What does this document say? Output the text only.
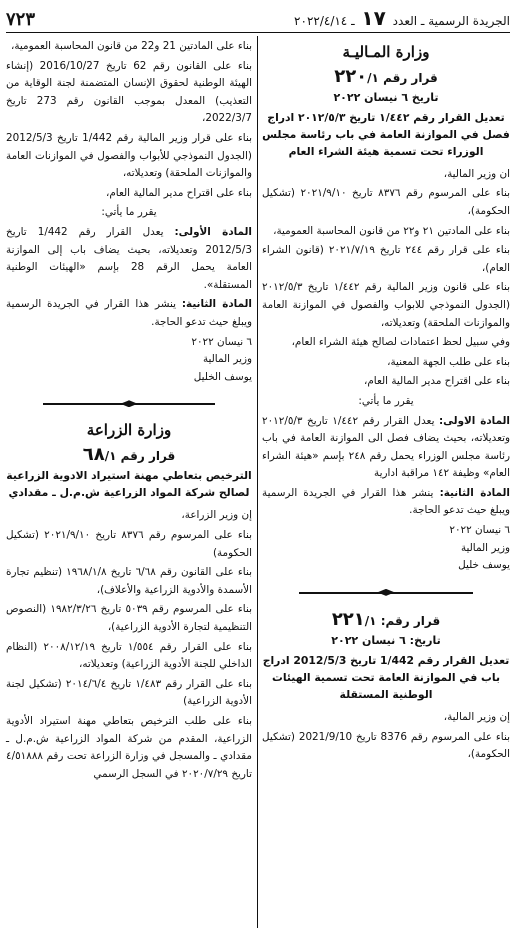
الجريدة الرسمية ـ العدد ١٧ ـ ٢٠٢٢/٤/١٤
٧٢٣
وزارة المـاليـة
قرار رقم ٢٢٠/١
تاريخ ٦ نيسان ٢٠٢٢
تعديل القرار رقم ١/٤٤٢ تاريخ ٢٠١٢/٥/٣ ادراج فصل في الموازنة العامة في باب رئاسة مجلس الوزراء تحت تسمية هيئة الشراء العام

ان وزير المالية،

بناء على المرسوم رقم ٨٣٧٦ تاريخ ٢٠٢١/٩/١٠ (تشكيل الحكومة)،

بناء على المادتين ٢١ و٢٢ من قانون المحاسبة العمومية،

بناء على قرار رقم ٢٤٤ تاريخ ٢٠٢١/٧/١٩ (قانون الشراء العام)،

بناء على قانون وزير المالية رقم ١/٤٤٢ تاريخ ٢٠١٢/٥/٣ (الجدول النموذجي للابواب والفصول في الموازنة العامة والموازنات الملحقة) وتعديلاته،

وفي سبيل لحظ اعتمادات لصالح هيئة الشراء العام،

بناء على طلب الجهة المعنية،

بناء على اقتراح مدير المالية العام،

يقرر ما يأتي:

المادة الاولى: يعدل القرار رقم ١/٤٤٢ تاريخ ٢٠١٢/٥/٣ وتعديلاته، بحيث يضاف فصل الى الموازنة العامة في باب رئاسة مجلس الوزراء يحمل رقم ٢٤٨ بإسم «هيئة الشراء العام» وظيفة ١٤٢ مراقبة ادارية

المادة الثانية: ينشر هذا القرار في الجريدة الرسمية ويبلغ حيث تدعو الحاجة.

٦ نيسان ٢٠٢٢

وزير المالية

يوسف خليل

قرار رقم: ٢٢١/١
تاريخ: ٦ نيسان ٢٠٢٢
تعديل القرار رقم 1/442 تاريخ 2012/5/3 ادراج باب في الموازنة العامة تحت تسمية الهيئات الوطنية المستقلة

إن وزير المالية،

بناء على المرسوم رقم 8376 تاريخ 2021/9/10 (تشكيل الحكومة)،

بناء على المادتين 21 و22 من قانون المحاسبة العمومية،

بناء على القانون رقم 62 تاريخ 2016/10/27 (إنشاء الهيئة الوطنية لحقوق الإنسان المتضمنة لجنة الوقاية من التعذيب) المعدل بموجب القانون رقم 273 تاريخ 2022/3/7،

بناء على قرار وزير المالية رقم 1/442 تاريخ 2012/5/3 (الجدول النموذجي للأبواب والفصول في الموازنات العامة والموازنات الملحقة) وتعديلاته،

بناء على اقتراح مدير المالية العام،

يقرر ما يأتي:

المادة الأولى: يعدل القرار رقم 1/442 تاريخ 2012/5/3 وتعديلاته، بحيث يضاف باب إلى الموازنة العامة يحمل الرقم 28 بإسم «الهيئات الوطنية المستقلة».

المادة الثانية: ينشر هذا القرار في الجريدة الرسمية ويبلغ حيث تدعو الحاجة.

٦ نيسان ٢٠٢٢

وزير المالية

يوسف الخليل

وزارة الزراعة
قرار رقم ٦٨/١
الترخيص بتعاطي مهنة استيراد الادوية الزراعية لصالح شركة المواد الزراعية ش.م.ل ـ مقدادي

إن وزير الزراعة،

بناء على المرسوم رقم ٨٣٧٦ تاريخ ٢٠٢١/٩/١٠ (تشكيل الحكومة)

بناء على القانون رقم ٦/٦٨ تاريخ ١٩٦٨/١/٨ (تنظيم تجارة الأسمدة والأدوية الزراعية والأعلاف)،

بناء على المرسوم رقم ٥٠٣٩ تاريخ ١٩٨٢/٣/٢٦ (النصوص التنظيمية لتجارة الأدوية الزراعية)،

بناء على القرار رقم ١/٥٥٤ تاريخ ٢٠٠٨/١٢/١٩ (النظام الداخلي للجنة الأدوية الزراعية) وتعديلاته،

بناء على القرار رقم ١/٤٨٣ تاريخ ٢٠١٤/٦/٤ (تشكيل لجنة الأدوية الزراعية)

بناء على طلب الترخيص بتعاطي مهنة استيراد الأدوية الزراعية، المقدم من شركة المواد الزراعية ش.م.ل ـ مقدادي ـ والمسجل في وزارة الزراعة تحت رقم ٤/٥١٨٨٨ تاريخ ٢٠٢٠/٧/٢٩ في السجل الرسمي
